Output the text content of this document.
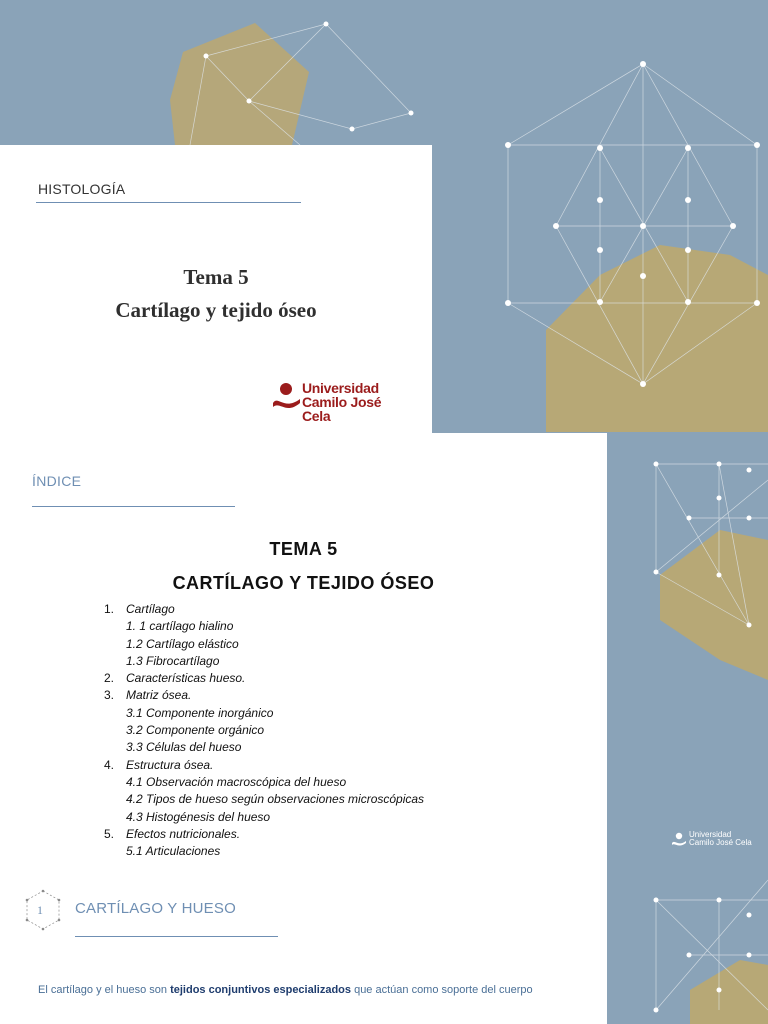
HISTOLOGÍA
Tema 5
Cartílago y tejido óseo
Universidad
Camilo José Cela
ÍNDICE
TEMA 5
CARTÍLAGO Y TEJIDO ÓSEO
1. Cartílago
1. 1 cartílago hialino
1.2 Cartílago elástico
1.3 Fibrocartílago
2. Características hueso.
3. Matriz ósea.
3.1 Componente inorgánico
3.2 Componente orgánico
3.3 Células del hueso
4. Estructura ósea.
4.1 Observación macroscópica del hueso
4.2 Tipos de hueso según observaciones microscópicas
4.3 Histogénesis del hueso
5. Efectos nutricionales.
5.1 Articulaciones
1 CARTÍLAGO Y HUESO
El cartílago y el hueso son tejidos conjuntivos especializados que actúan como soporte del cuerpo
Universidad
Camilo José Cela
